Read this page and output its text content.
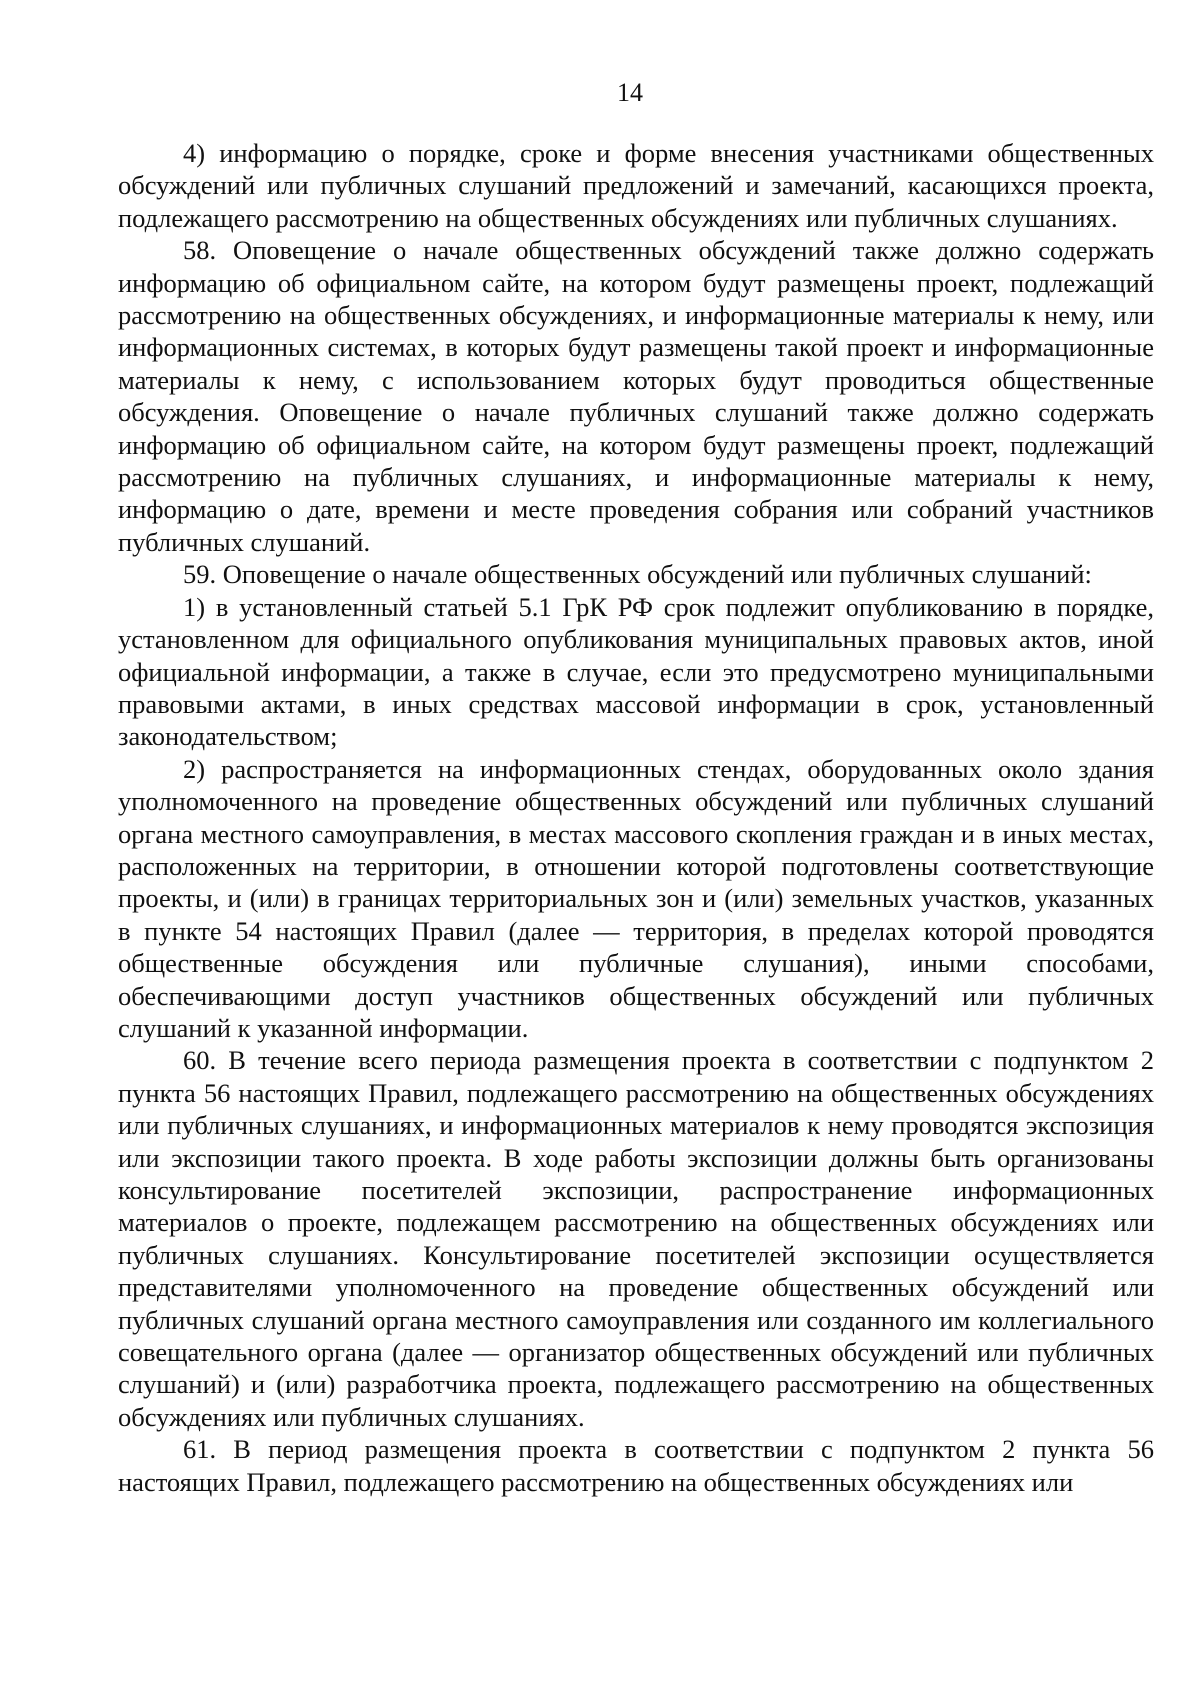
14

4) информацию о порядке, сроке и форме внесения участниками общественных обсуждений или публичных слушаний предложений и замечаний, касающихся проекта, подлежащего рассмотрению на общественных обсуждениях или публичных слушаниях.

58. Оповещение о начале общественных обсуждений также должно содержать информацию об официальном сайте, на котором будут размещены проект, подлежащий рассмотрению на общественных обсуждениях, и информационные материалы к нему, или информационных системах, в которых будут размещены такой проект и информационные материалы к нему, с использованием которых будут проводиться общественные обсуждения. Оповещение о начале публичных слушаний также должно содержать информацию об официальном сайте, на котором будут размещены проект, подлежащий рассмотрению на публичных слушаниях, и информационные материалы к нему, информацию о дате, времени и месте проведения собрания или собраний участников публичных слушаний.

59. Оповещение о начале общественных обсуждений или публичных слушаний:

1) в установленный статьей 5.1 ГрК РФ срок подлежит опубликованию в порядке, установленном для официального опубликования муниципальных правовых актов, иной официальной информации, а также в случае, если это предусмотрено муниципальными правовыми актами, в иных средствах массовой информации в срок, установленный законодательством;

2) распространяется на информационных стендах, оборудованных около здания уполномоченного на проведение общественных обсуждений или публичных слушаний органа местного самоуправления, в местах массового скопления граждан и в иных местах, расположенных на территории, в отношении которой подготовлены соответствующие проекты, и (или) в границах территориальных зон и (или) земельных участков, указанных в пункте 54 настоящих Правил (далее — территория, в пределах которой проводятся общественные обсуждения или публичные слушания), иными способами, обеспечивающими доступ участников общественных обсуждений или публичных слушаний к указанной информации.

60. В течение всего периода размещения проекта в соответствии с подпунктом 2 пункта 56 настоящих Правил, подлежащего рассмотрению на общественных обсуждениях или публичных слушаниях, и информационных материалов к нему проводятся экспозиция или экспозиции такого проекта. В ходе работы экспозиции должны быть организованы консультирование посетителей экспозиции, распространение информационных материалов о проекте, подлежащем рассмотрению на общественных обсуждениях или публичных слушаниях. Консультирование посетителей экспозиции осуществляется представителями уполномоченного на проведение общественных обсуждений или публичных слушаний органа местного самоуправления или созданного им коллегиального совещательного органа (далее — организатор общественных обсуждений или публичных слушаний) и (или) разработчика проекта, подлежащего рассмотрению на общественных обсуждениях или публичных слушаниях.

61. В период размещения проекта в соответствии с подпунктом 2 пункта 56 настоящих Правил, подлежащего рассмотрению на общественных обсуждениях или
